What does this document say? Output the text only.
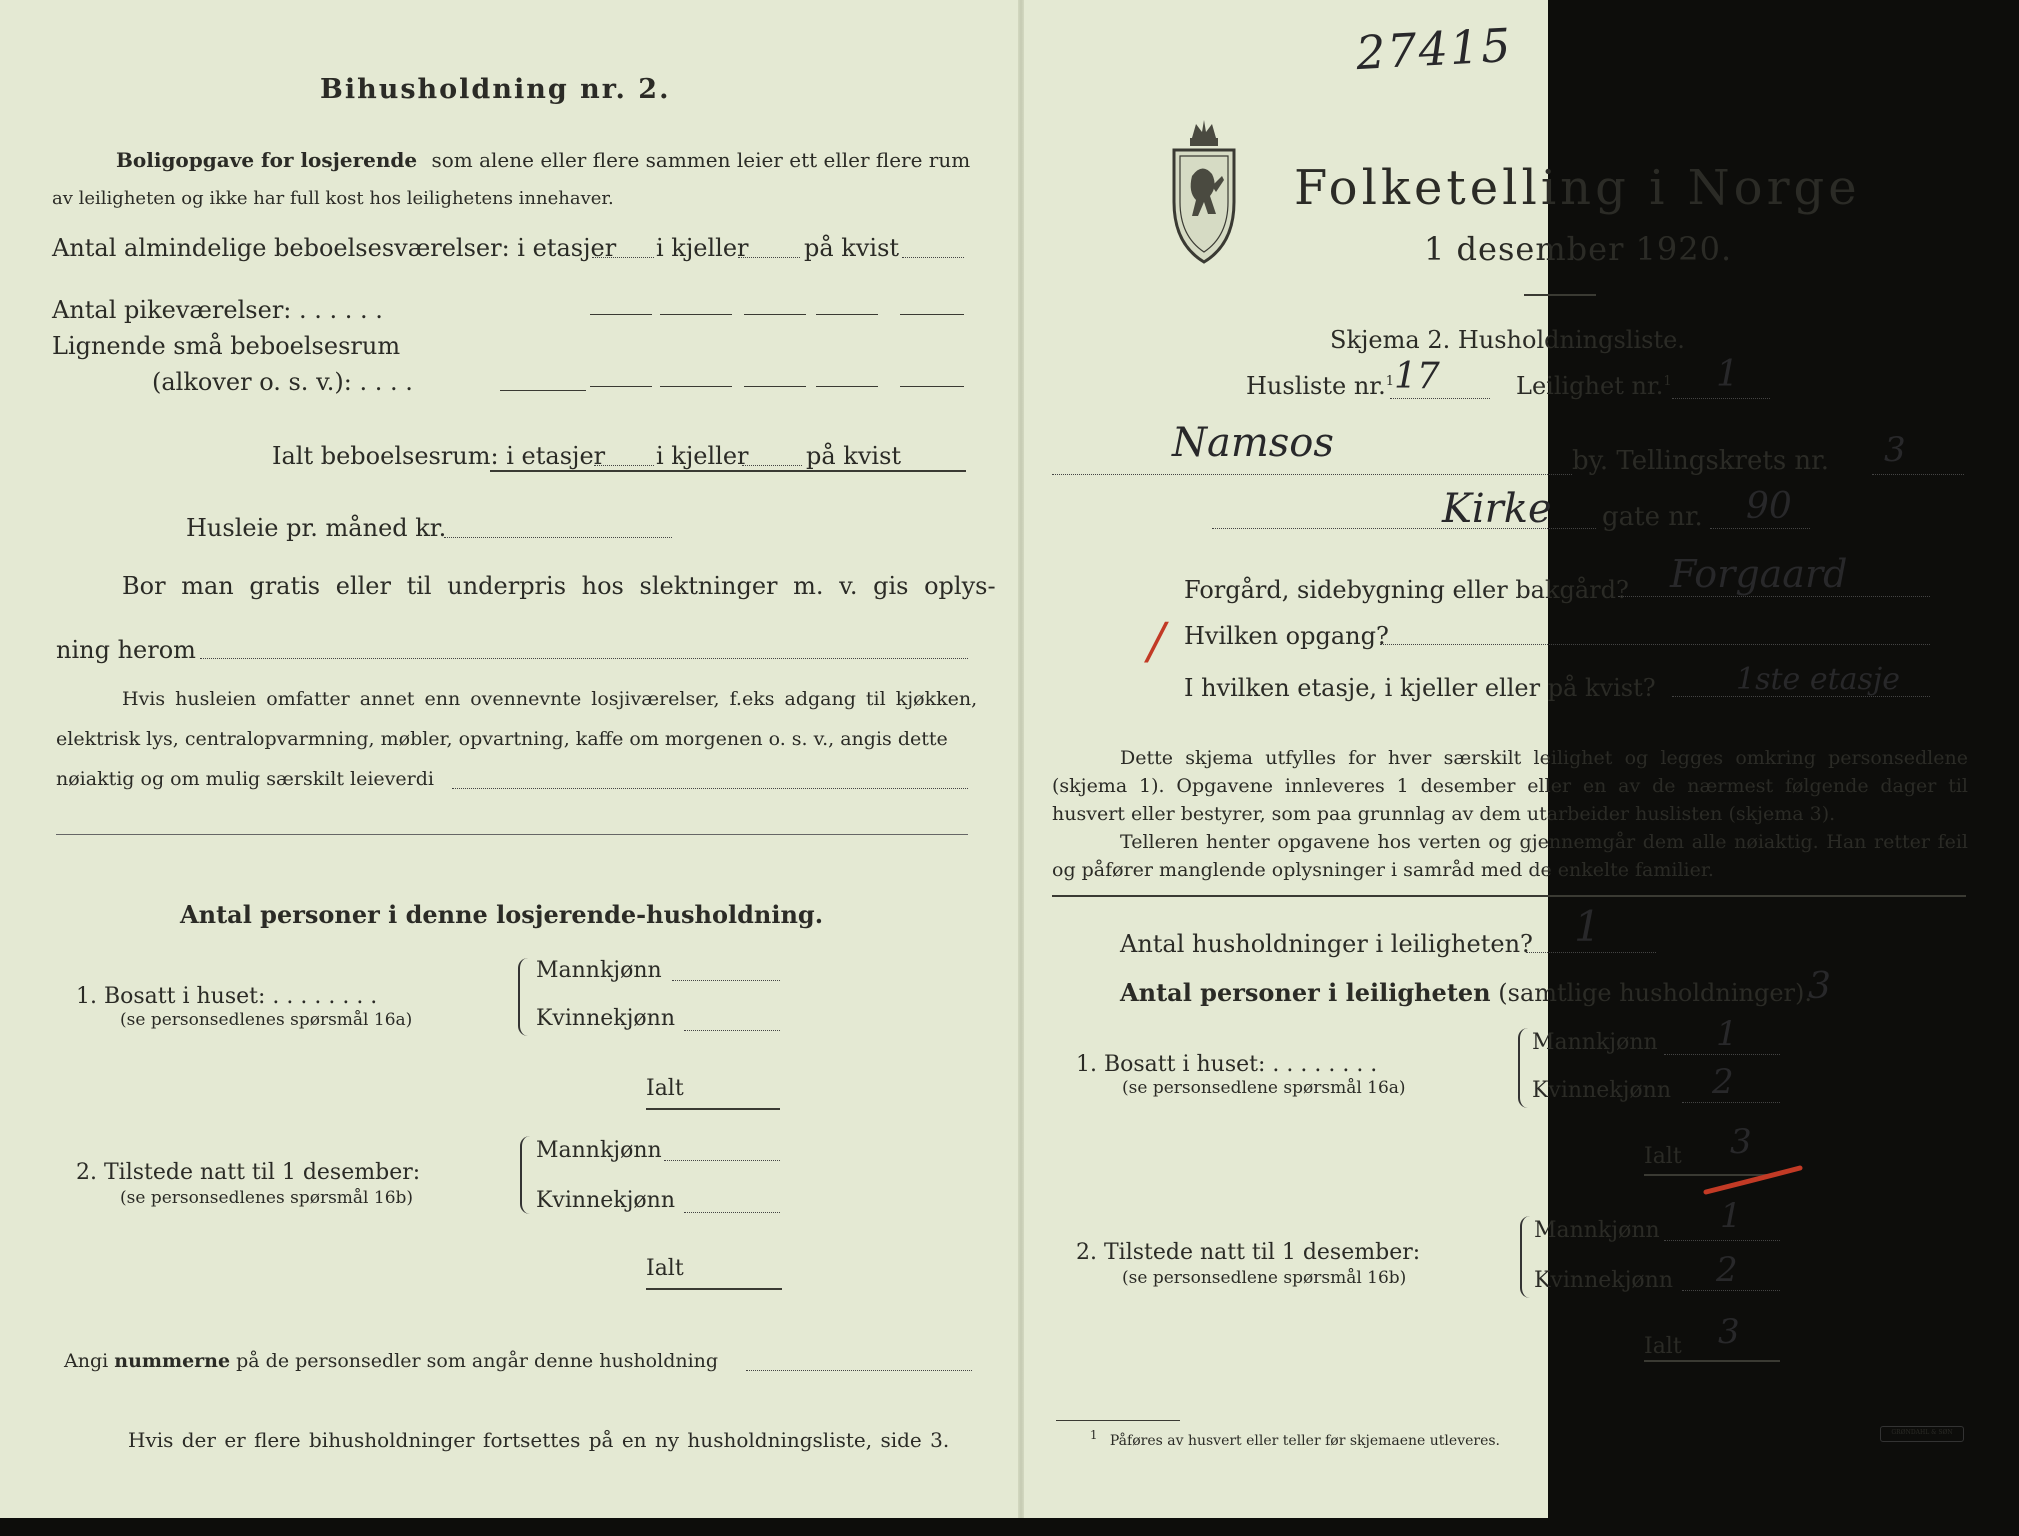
Bihusholdning nr. 2.
Boligopgave for losjerende som alene eller flere sammen leier ett eller flere rum
av leiligheten og ikke har full kost hos leilighetens innehaver.
Antal almindelige beboelsesværelser: i etasjer i kjeller på kvist
Antal pikeværelser: . . . . . .
Lignende små beboelsesrum
(alkover o. s. v.): . . . .
Ialt beboelsesrum: i etasjer i kjeller på kvist
Husleie pr. måned kr.
Bor man gratis eller til underpris hos slektninger m. v. gis oplys-
ning herom
Hvis husleien omfatter annet enn ovennevnte losjiværelser, f.eks adgang til kjøkken,
elektrisk lys, centralopvarmning, møbler, opvartning, kaffe om morgenen o. s. v., angis dette
nøiaktig og om mulig særskilt leieverdi
Antal personer i denne losjerende-husholdning.
1. Bosatt i huset: . . . . . . . .
(se personsedlenes spørsmål 16a)
Mannkjønn
Kvinnekjønn
Ialt
2. Tilstede natt til 1 desember:
(se personsedlenes spørsmål 16b)
Mannkjønn
Kvinnekjønn
Ialt
Angi nummerne på de personsedler som angår denne husholdning
Hvis der er flere bihusholdninger fortsettes på en ny husholdningsliste, side 3.
27415
Folketelling i Norge
1 desember 1920.
Skjema 2. Husholdningsliste.
Husliste nr.$^1$ 17	Leilighet nr.$^1$ 1
Namsos	by. Tellingskrets nr. 3
Kirke gate nr. 90
Forgård, sidebygning eller bakgård? Forgaard
/ Hvilken opgang?
I hvilken etasje, i kjeller eller på kvist?	1ste etasje
Dette skjema utfylles for hver særskilt leilighet og legges omkring personsedlene (skjema 1). Opgavene innleveres 1 desember eller en av de nærmest følgende dager til husvert eller bestyrer, som paa grunnlag av dem utarbeider huslisten (skjema 3).
Telleren henter opgavene hos verten og gjennemgår dem alle nøiaktig. Han retter feil og påfører manglende oplysninger i samråd med de enkelte familier.
Antal husholdninger i leiligheten? 1
Antal personer i leiligheten (samtlige husholdninger).
3
1. Bosatt i huset: . . . . . . . .
(se personsedlene spørsmål 16a)
Mannkjønn 1
Kvinnekjønn 2
Ialt 3
2. Tilstede natt til 1 desember:
(se personsedlene spørsmål 16b)
Mannkjønn 1
Kvinnekjønn 2
Ialt 3
$^1$ Påføres av husvert eller teller før skjemaene utleveres.
GRØNDAHL & SØN
